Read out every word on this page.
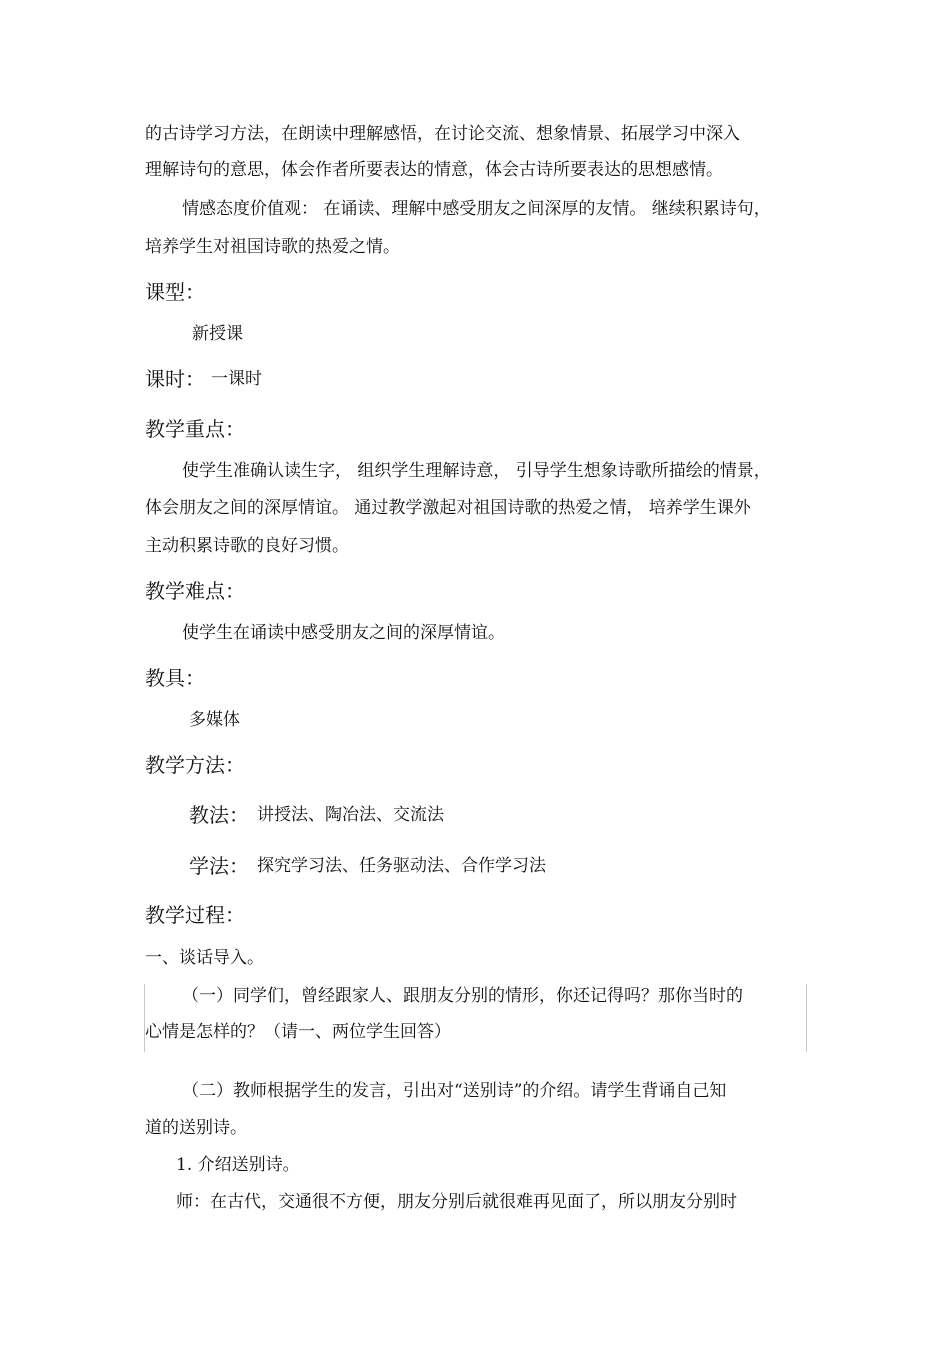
的古诗学习方法，在朗读中理解感悟，在讨论交流、想象情景、拓展学习中深入
理解诗句的意思，体会作者所要表达的情意，体会古诗所要表达的思想感情。
情感态度价值观： 在诵读、理解中感受朋友之间深厚的友情。 继续积累诗句，
培养学生对祖国诗歌的热爱之情。
课型：
新授课
课时： 一课时
教学重点：
使学生准确认读生字， 组织学生理解诗意， 引导学生想象诗歌所描绘的情景，
体会朋友之间的深厚情谊。 通过教学激起对祖国诗歌的热爱之情， 培养学生课外
主动积累诗歌的良好习惯。
教学难点：
使学生在诵读中感受朋友之间的深厚情谊。
教具：
多媒体
教学方法：
教法： 讲授法、陶冶法、交流法
学法： 探究学习法、任务驱动法、合作学习法
教学过程：
一、谈话导入。
（一）同学们，曾经跟家人、跟朋友分别的情形，你还记得吗？那你当时的
心情是怎样的？（请一、两位学生回答）
（二）教师根据学生的发言，引出对“送别诗”的介绍。请学生背诵自己知
道的送别诗。
1. 介绍送别诗。
师：在古代，交通很不方便，朋友分别后就很难再见面了，所以朋友分别时
